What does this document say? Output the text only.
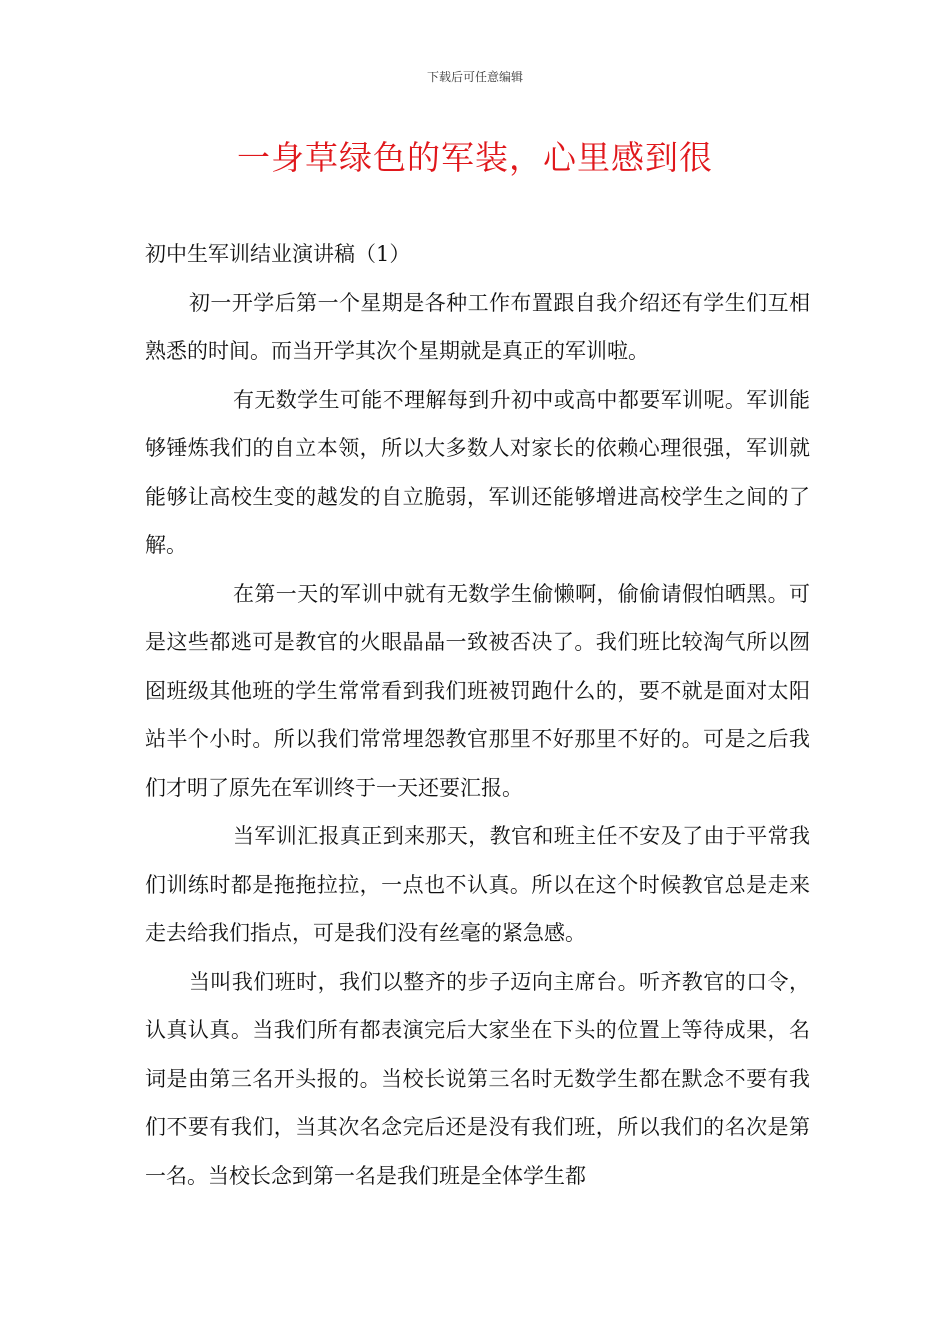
下载后可任意编辑
一身草绿色的军装，心里感到很

初中生军训结业演讲稿（1）

初一开学后第一个星期是各种工作布置跟自我介绍还有学生们互相熟悉的时间。而当开学其次个星期就是真正的军训啦。

有无数学生可能不理解每到升初中或高中都要军训呢。军训能够锤炼我们的自立本领，所以大多数人对家长的依赖心理很强，军训就能够让高校生变的越发的自立脆弱，军训还能够增进高校学生之间的了解。

在第一天的军训中就有无数学生偷懒啊，偷偷请假怕晒黑。可是这些都逃可是教官的火眼晶晶一致被否决了。我们班比较淘气所以囫囵班级其他班的学生常常看到我们班被罚跑什么的，要不就是面对太阳站半个小时。所以我们常常埋怨教官那里不好那里不好的。可是之后我们才明了原先在军训终于一天还要汇报。

当军训汇报真正到来那天，教官和班主任不安及了由于平常我们训练时都是拖拖拉拉，一点也不认真。所以在这个时候教官总是走来走去给我们指点，可是我们没有丝毫的紧急感。

当叫我们班时，我们以整齐的步子迈向主席台。听齐教官的口令，认真认真。当我们所有都表演完后大家坐在下头的位置上等待成果，名词是由第三名开头报的。当校长说第三名时无数学生都在默念不要有我们不要有我们，当其次名念完后还是没有我们班，所以我们的名次是第一名。当校长念到第一名是我们班是全体学生都
